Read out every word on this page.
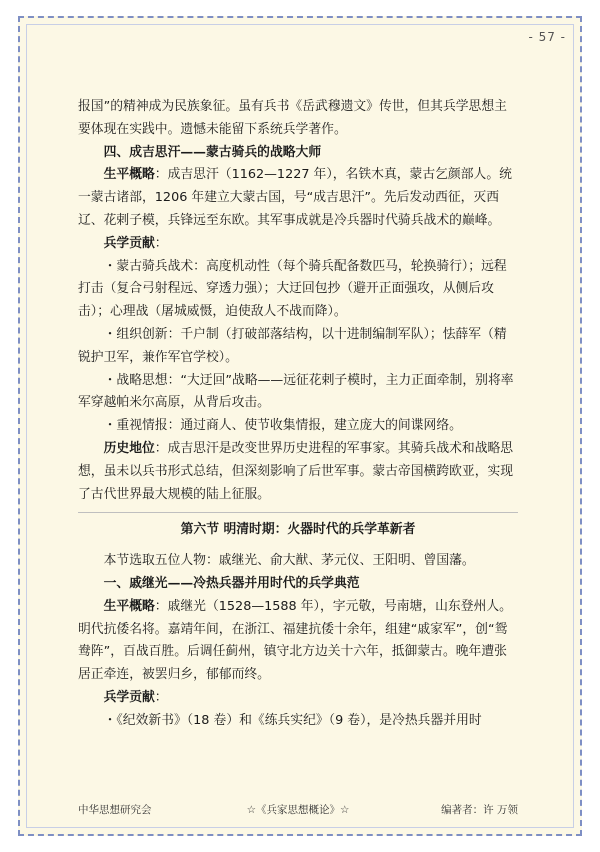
- 57 -

报国”的精神成为民族象征。虽有兵书《岳武穆遗文》传世，但其兵学思想主要体现在实践中。遗憾未能留下系统兵学著作。

四、成吉思汗——蒙古骑兵的战略大师

生平概略：成吉思汗（1162—1227 年），名铁木真，蒙古乞颜部人。统一蒙古诸部，1206 年建立大蒙古国，号“成吉思汗”。先后发动西征，灭西辽、花剌子模，兵锋远至东欧。其军事成就是冷兵器时代骑兵战术的巅峰。

兵学贡献：

・蒙古骑兵战术：高度机动性（每个骑兵配备数匹马，轮换骑行）；远程打击（复合弓射程远、穿透力强）；大迂回包抄（避开正面强攻，从侧后攻击）；心理战（屠城威慑，迫使敌人不战而降）。

・组织创新：千户制（打破部落结构，以十进制编制军队）；怯薛军（精锐护卫军，兼作军官学校）。

・战略思想：“大迂回”战略——远征花剌子模时，主力正面牵制，别将率军穿越帕米尔高原，从背后攻击。

・重视情报：通过商人、使节收集情报，建立庞大的间谍网络。

历史地位：成吉思汗是改变世界历史进程的军事家。其骑兵战术和战略思想，虽未以兵书形式总结，但深刻影响了后世军事。蒙古帝国横跨欧亚，实现了古代世界最大规模的陆上征服。

第六节 明清时期：火器时代的兵学革新者

本节选取五位人物：戚继光、俞大猷、茅元仪、王阳明、曾国藩。

一、戚继光——冷热兵器并用时代的兵学典范

生平概略：戚继光（1528—1588 年），字元敬，号南塘，山东登州人。明代抗倭名将。嘉靖年间，在浙江、福建抗倭十余年，组建“戚家军”，创“鸳鸯阵”，百战百胜。后调任蓟州，镇守北方边关十六年，抵御蒙古。晚年遭张居正牵连，被罢归乡，郁郁而终。

兵学贡献：

・《纪效新书》（18 卷）和《练兵实纪》（9 卷），是冷热兵器并用时

中华思想研究会	☆《兵家思想概论》☆	编著者：许 万领
